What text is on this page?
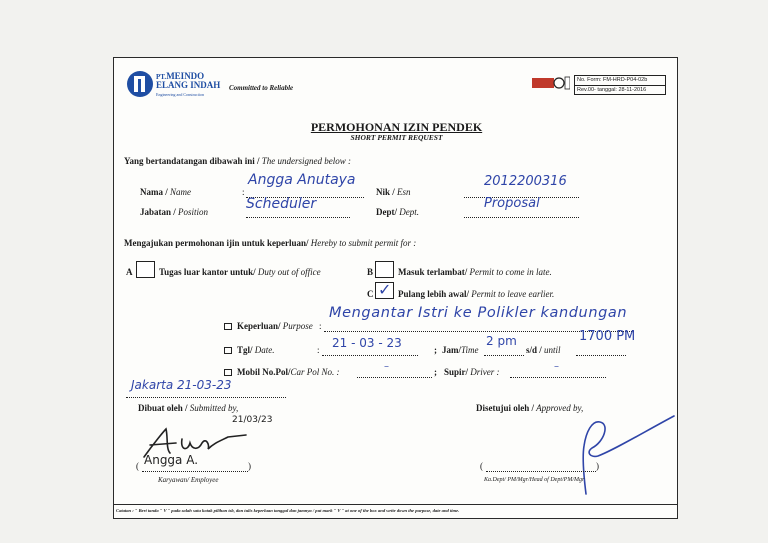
PT.MEINDO
ELANG INDAH
Engineering and Construction
Committed to Reliable
No. Form: FM-HRD-P04-02b
Rev.00- tanggal: 28-11-2016
PERMOHONAN IZIN PENDEK
SHORT PERMIT REQUEST
Yang bertandatangan dibawah ini / The undersigned below :
Nama / Name	:
Angga Anutaya
Nik / Esn
2012200316
Jabatan / Position	Scheduler	Dept/ Dept.
Proposal
Mengajukan permohonan ijin untuk keperluan/ Hereby to submit permit for :
A	Tugas luar kantor untuk/ Duty out of office	B	Masuk terlambat/ Permit to come in late.
C ✓ Pulang lebih awal/ Permit to leave earlier.
Keperluan/ Purpose :
Mengantar Istri ke Polikler kandungan
Tgl/ Date.	: 21 - 03 - 23	; Jam/Time
2 pm
s/d / until
1700 PM
Mobil No.Pol/Car Pol No. :	–	; Supir/ Driver :	–
Jakarta 21-03-23
Dibuat oleh / Submitted by,
21/03/23
( Angga A.	)
Karyawan/ Employee
Disetujui oleh / Approved by,
(	)
Ka.Dept/ PM/Mgr/Head of Dept/PM/Mgr
Catatan : " Beri tanda " V " pada salah satu kotak pilihan tsb, dan tulis keperluan tanggal dan jamnya / put mark " V " at one of the box and write down the purpose, date and time.
